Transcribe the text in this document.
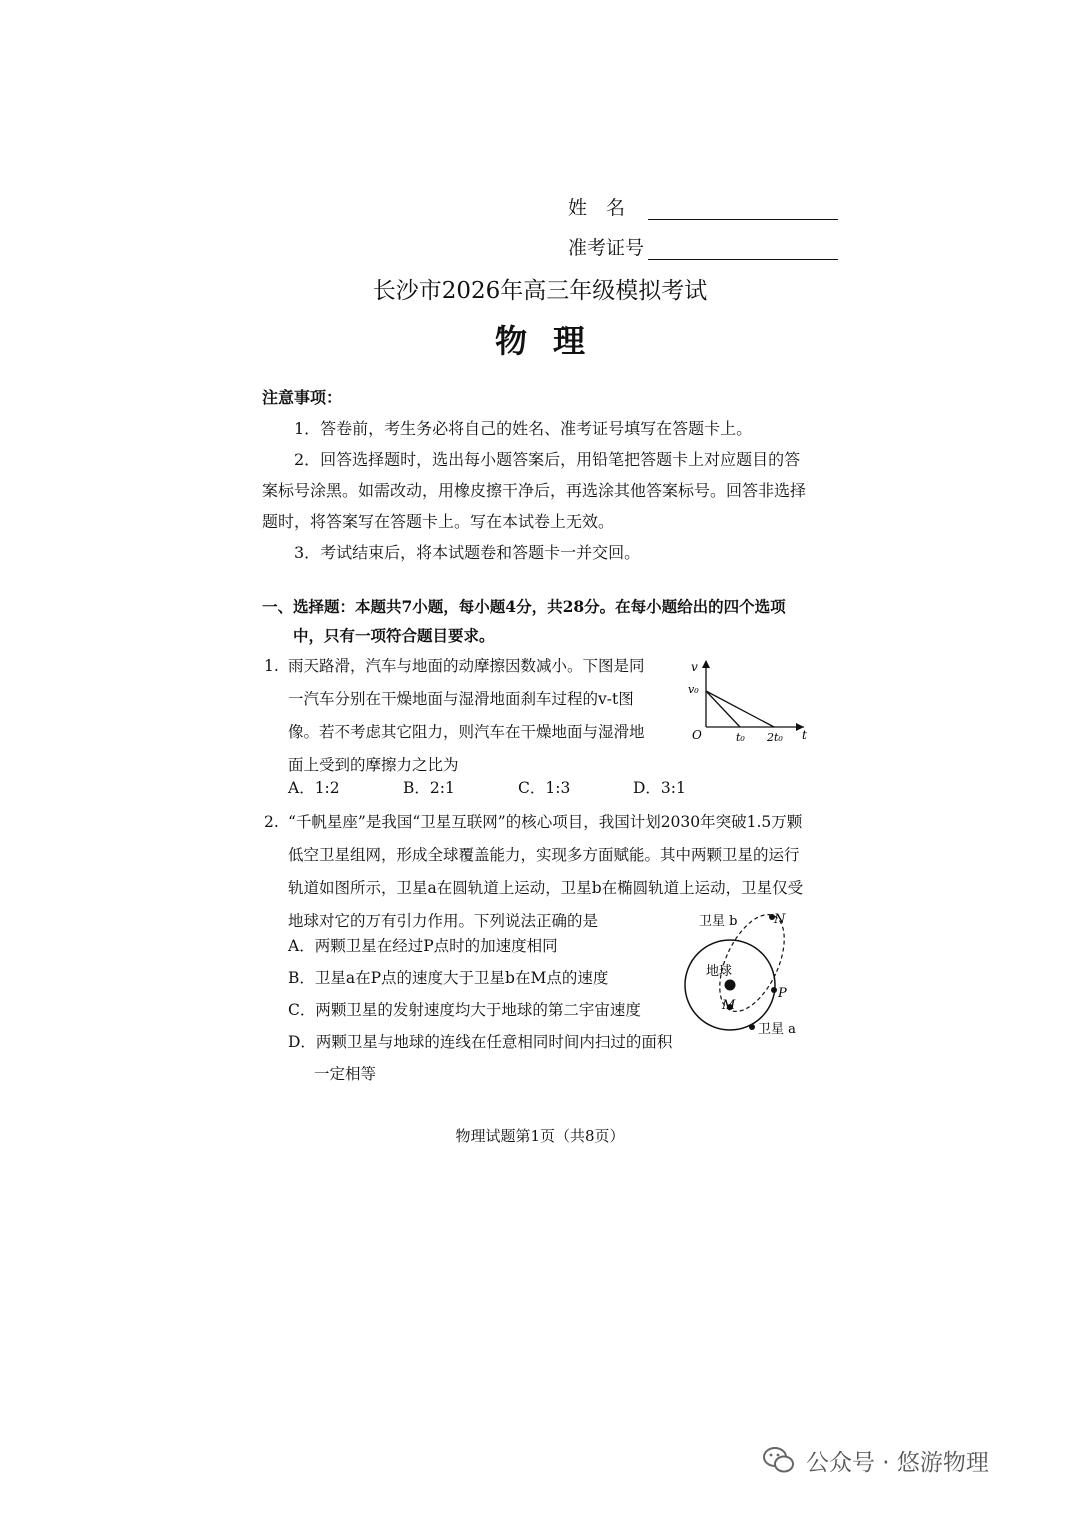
姓　名
准考证号
长沙市2026年高三年级模拟考试
物理
注意事项：

1．答卷前，考生务必将自己的姓名、准考证号填写在答题卡上。

2．回答选择题时，选出每小题答案后，用铅笔把答题卡上对应题目的答案标号涂黑。如需改动，用橡皮擦干净后，再选涂其他答案标号。回答非选择题时，将答案写在答题卡上。写在本试卷上无效。

3．考试结束后，将本试题卷和答题卡一并交回。

一、选择题：本题共7小题，每小题4分，共28分。在每小题给出的四个选项中，只有一项符合题目要求。

1. 雨天路滑，汽车与地面的动摩擦因数减小。下图是同一汽车分别在干燥地面与湿滑地面刹车过程的v-t图像。若不考虑其它阻力，则汽车在干燥地面与湿滑地面上受到的摩擦力之比为

v
v₀
O	t₀ 2t₀ t
A．1:2	B．2:1	C．1:3	D．3:1

2. “千帆星座”是我国“卫星互联网”的核心项目，我国计划2030年突破1.5万颗低空卫星组网，形成全球覆盖能力，实现多方面赋能。其中两颗卫星的运行轨道如图所示，卫星a在圆轨道上运动，卫星b在椭圆轨道上运动，卫星仅受地球对它的万有引力作用。下列说法正确的是

A．两颗卫星在经过P点时的加速度相同

B．卫星a在P点的速度大于卫星b在M点的速度

C．两颗卫星的发射速度均大于地球的第二宇宙速度

D．两颗卫星与地球的连线在任意相同时间内扫过的面积一定相等

卫星 b	N
地球
P
M
卫星 a
物理试题第1页（共8页）
公众号 · 悠游物理
